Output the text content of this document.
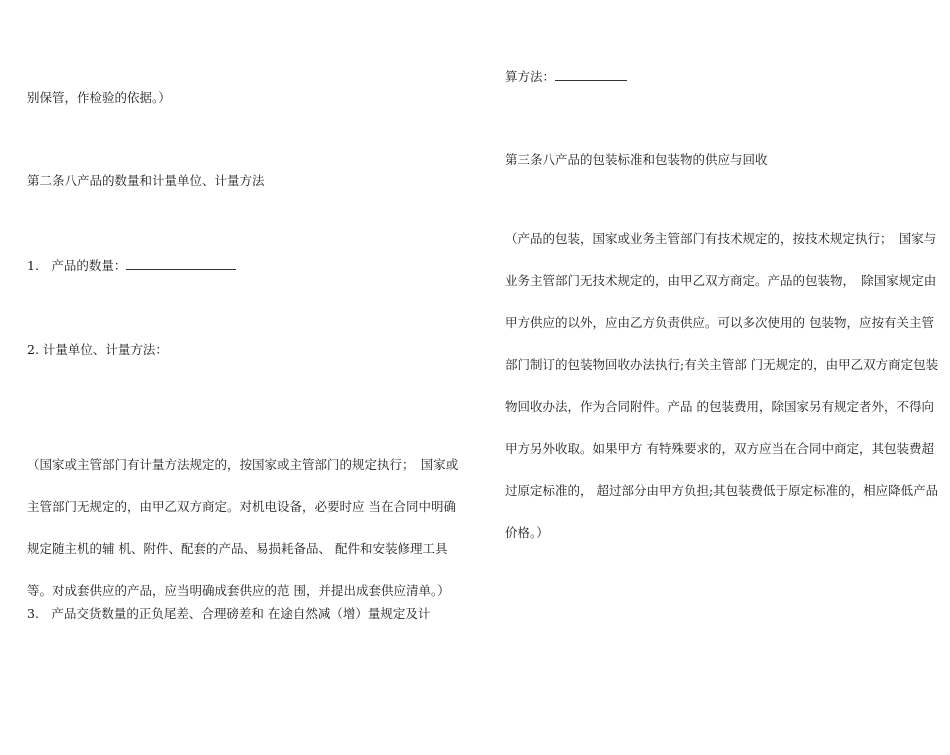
别保管，作检验的依据。）
第二条八产品的数量和计量单位、计量方法
1.　产品的数量：
2. 计量单位、计量方法：
（国家或主管部门有计量方法规定的，按国家或主管部门的规定执行；　国家或
主管部门无规定的，由甲乙双方商定。对机电设备，必要时应 当在合同中明确
规定随主机的辅 机、附件、配套的产品、易损耗备品、 配件和安装修理工具
等。对成套供应的产品，应当明确成套供应的范 围，并提出成套供应清单。）
3.　产品交货数量的正负尾差、合理磅差和 在途自然减（增）量规定及计
算方法：
第三条八产品的包装标准和包装物的供应与回收
（产品的包装，国家或业务主管部门有技术规定的，按技术规定执行；　国家与
业务主管部门无技术规定的，由甲乙双方商定。产品的包装物，　除国家规定由
甲方供应的以外，应由乙方负责供应。可以多次使用的 包装物，应按有关主管
部门制订的包装物回收办法执行;有关主管部 门无规定的，由甲乙双方商定包装
物回收办法，作为合同附件。产品 的包装费用，除国家另有规定者外，不得向
甲方另外收取。如果甲方 有特殊要求的，双方应当在合同中商定，其包装费超
过原定标准的， 超过部分由甲方负担;其包装费低于原定标准的，相应降低产品
价格。）
